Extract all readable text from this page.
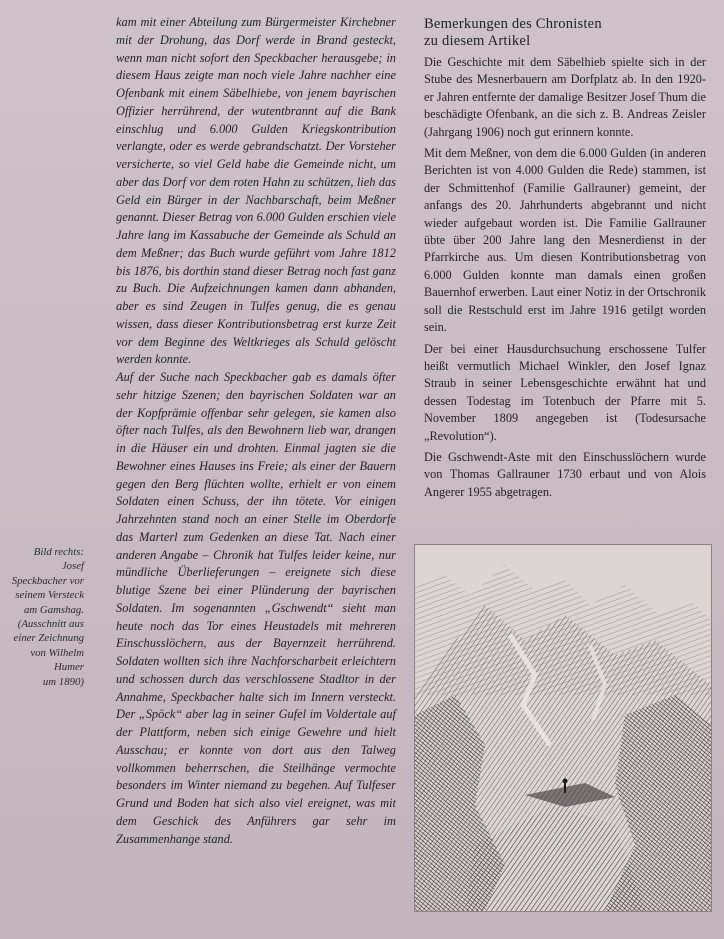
kam mit einer Abteilung zum Bürgermeister Kirchebner mit der Drohung, das Dorf werde in Brand gesteckt, wenn man nicht sofort den Speckbacher herausgebe; in diesem Haus zeigte man noch viele Jahre nachher eine Ofenbank mit einem Säbelhiebe, von jenem bayrischen Offizier herrührend, der wutentbrannt auf die Bank einschlug und 6.000 Gulden Kriegskontribution verlangte, oder es werde gebrandschatzt. Der Vorsteher versicherte, so viel Geld habe die Gemeinde nicht, um aber das Dorf vor dem roten Hahn zu schützen, lieh das Geld ein Bürger in der Nachbarschaft, beim Meßner genannt. Dieser Betrag von 6.000 Gulden erschien viele Jahre lang im Kassabuche der Gemeinde als Schuld an dem Meßner; das Buch wurde geführt vom Jahre 1812 bis 1876, bis dorthin stand dieser Betrag noch fast ganz zu Buch. Die Aufzeichnungen kamen dann abhanden, aber es sind Zeugen in Tulfes genug, die es genau wissen, dass dieser Kontributionsbetrag erst kurze Zeit vor dem Beginne des Weltkrieges als Schuld gelöscht werden konnte.

Auf der Suche nach Speckbacher gab es damals öfter sehr hitzige Szenen; den bayrischen Soldaten war an der Kopfprämie offenbar sehr gelegen, sie kamen also öfter nach Tulfes, als den Bewohnern lieb war, drangen in die Häuser ein und drohten. Einmal jagten sie die Bewohner eines Hauses ins Freie; als einer der Bauern gegen den Berg flüchten wollte, erhielt er von einem Soldaten einen Schuss, der ihn tötete. Vor einigen Jahrzehnten stand noch an einer Stelle im Oberdorfe das Marterl zum Gedenken an diese Tat. Nach einer anderen Angabe – Chronik hat Tulfes leider keine, nur mündliche Überlieferungen – ereignete sich diese blutige Szene bei einer Plünderung der bayrischen Soldaten. Im sogenannten „Gschwendt“ sieht man heute noch das Tor eines Heustadels mit mehreren Einschusslöchern, aus der Bayernzeit herrührend. Soldaten wollten sich ihre Nachforscharbeit erleichtern und schossen durch das verschlossene Stadltor in der Annahme, Speckbacher halte sich im Innern versteckt. Der „Spöck“ aber lag in seiner Gufel im Voldertale auf der Plattform, neben sich einige Gewehre und hielt Ausschau; er konnte von dort aus den Talweg vollkommen beherrschen, die Steilhänge vermochte besonders im Winter niemand zu begehen. Auf Tulfeser Grund und Boden hat sich also viel ereignet, was mit dem Geschick des Anführers gar sehr im Zusammenhange stand.

Bemerkungen des Chronisten
zu diesem Artikel

Die Geschichte mit dem Säbelhieb spielte sich in der Stube des Mesnerbauern am Dorfplatz ab. In den 1920-er Jahren entfernte der damalige Besitzer Josef Thum die beschädigte Ofenbank, an die sich z. B. Andreas Zeisler (Jahrgang 1906) noch gut erinnern konnte.

Mit dem Meßner, von dem die 6.000 Gulden (in anderen Berichten ist von 4.000 Gulden die Rede) stammen, ist der Schmittenhof (Familie Gallrauner) gemeint, der anfangs des 20. Jahrhunderts abgebrannt und nicht wieder aufgebaut worden ist. Die Familie Gallrauner übte über 200 Jahre lang den Mesnerdienst in der Pfarrkirche aus. Um diesen Kontributionsbetrag von 6.000 Gulden konnte man damals einen großen Bauernhof erwerben. Laut einer Notiz in der Ortschronik soll die Restschuld erst im Jahre 1916 getilgt worden sein.

Der bei einer Hausdurchsuchung erschossene Tulfer heißt vermutlich Michael Winkler, den Josef Ignaz Straub in seiner Lebensgeschichte erwähnt hat und dessen Todestag im Totenbuch der Pfarre mit 5. November 1809 angegeben ist (Todesursache „Revolution“).

Die Gschwendt-Aste mit den Einschusslöchern wurde von Thomas Gallrauner 1730 erbaut und von Alois Angerer 1955 abgetragen.

Bild rechts:
Josef
Speckbacher vor
seinem Versteck
am Gamshag.
(Ausschnitt aus
einer Zeichnung
von Wilhelm
Humer
um 1890)
